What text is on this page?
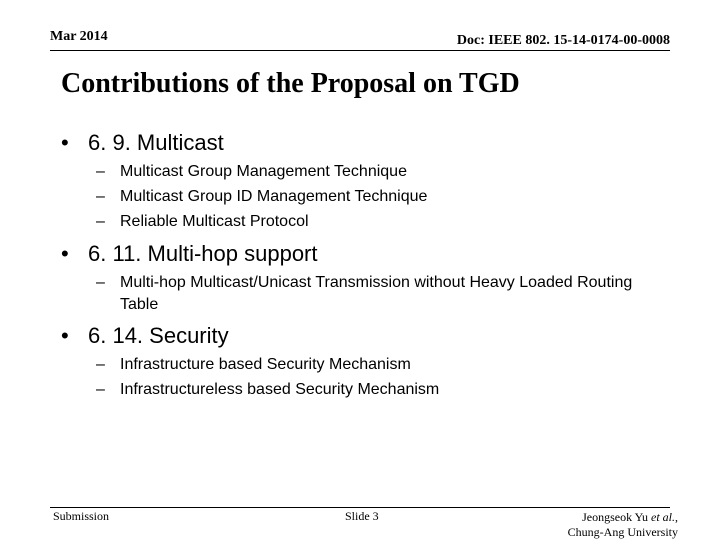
Mar 2014	Doc: IEEE 802. 15-14-0174-00-0008
Contributions of the Proposal on TGD
• 6. 9. Multicast
– Multicast Group Management Technique
– Multicast Group ID Management Technique
– Reliable Multicast Protocol
• 6. 11. Multi-hop support
– Multi-hop Multicast/Unicast Transmission without Heavy Loaded Routing Table
• 6. 14. Security
– Infrastructure based Security Mechanism
– Infrastructureless based Security Mechanism
Submission	Slide 3	Jeongseok Yu et al.,
Chung-Ang University
